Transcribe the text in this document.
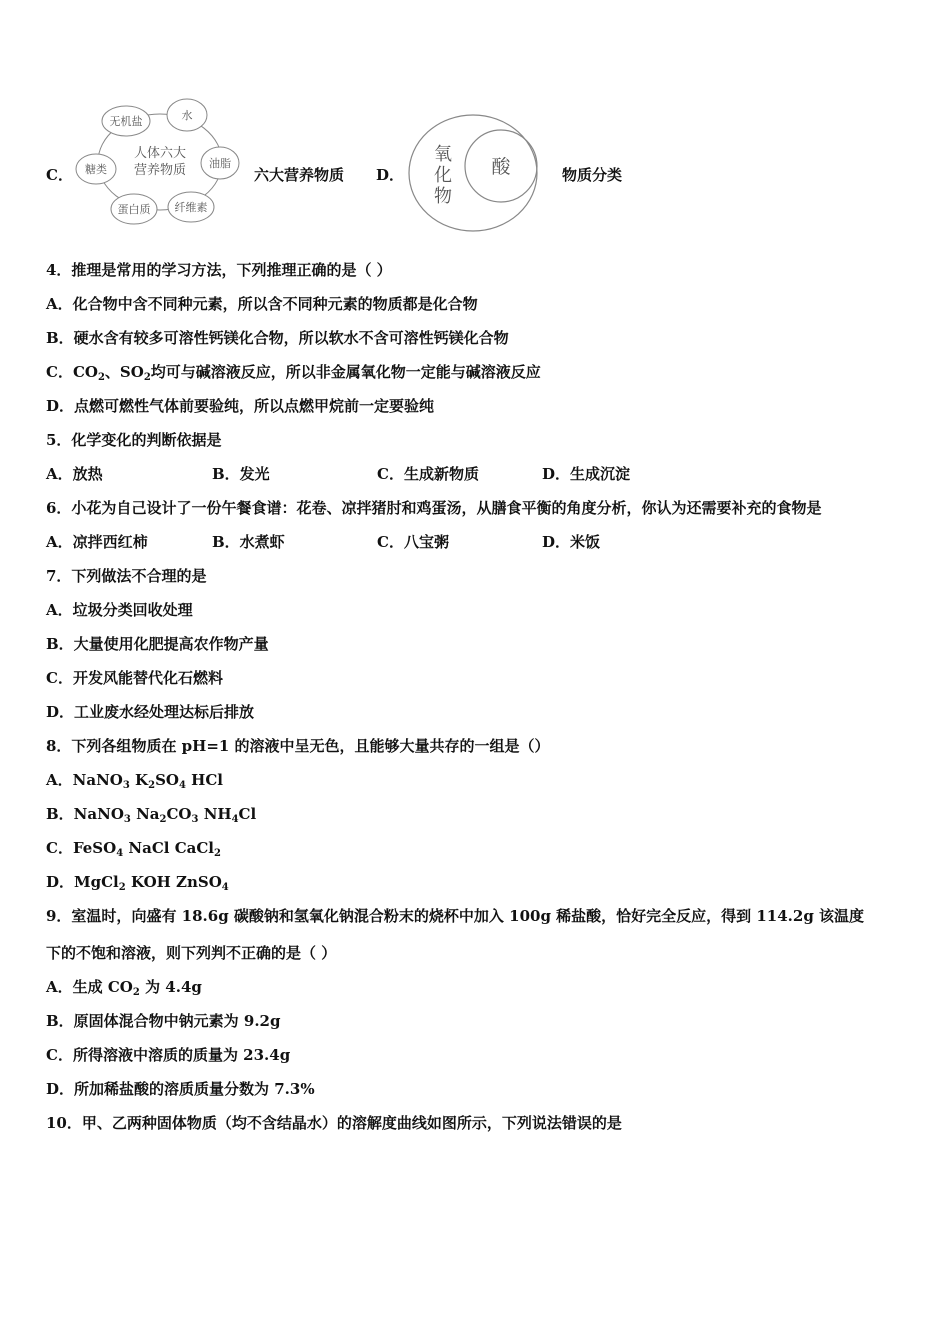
C．
人体六大
营养物质
无机盐	水
油脂
纤维素
蛋白质
糖类	六大营养物质 D．
氧
化
物
酸	物质分类
4．推理是常用的学习方法，下列推理正确的是（ ）
A．化合物中含不同种元素，所以含不同种元素的物质都是化合物
B．硬水含有较多可溶性钙镁化合物，所以软水不含可溶性钙镁化合物
C．$CO_2$、$SO_2$均可与碱溶液反应，所以非金属氧化物一定能与碱溶液反应
D．点燃可燃性气体前要验纯，所以点燃甲烷前一定要验纯
5．化学变化的判断依据是
A．放热	B．发光	C．生成新物质	D．生成沉淀
6．小花为自己设计了一份午餐食谱：花卷、凉拌猪肘和鸡蛋汤，从膳食平衡的角度分析，你认为还需要补充的食物是
A．凉拌西红柿	B．水煮虾	C．八宝粥	D．米饭
7．下列做法不合理的是
A．垃圾分类回收处理
B．大量使用化肥提高农作物产量
C．开发风能替代化石燃料
D．工业废水经处理达标后排放
8．下列各组物质在 pH=1 的溶液中呈无色，且能够大量共存的一组是（）
A．NaNO$_3$ $K_2SO_4$ HCl
B．NaNO$_3$ $Na_2CO_3$ $NH_4Cl$
C．FeSO$_4$ NaCl CaCl$_2$
D．MgCl$_2$ KOH ZnSO$_4$
9．室温时，向盛有 18.6g 碳酸钠和氢氧化钠混合粉末的烧杯中加入 100g 稀盐酸，恰好完全反应，得到 114.2g 该温度
下的不饱和溶液，则下列判不正确的是（ ）
A．生成 $CO_2$ 为 4.4g
B．原固体混合物中钠元素为 9.2g
C．所得溶液中溶质的质量为 23.4g
D．所加稀盐酸的溶质质量分数为 7.3%
10．甲、乙两种固体物质（均不含结晶水）的溶解度曲线如图所示，下列说法错误的是
